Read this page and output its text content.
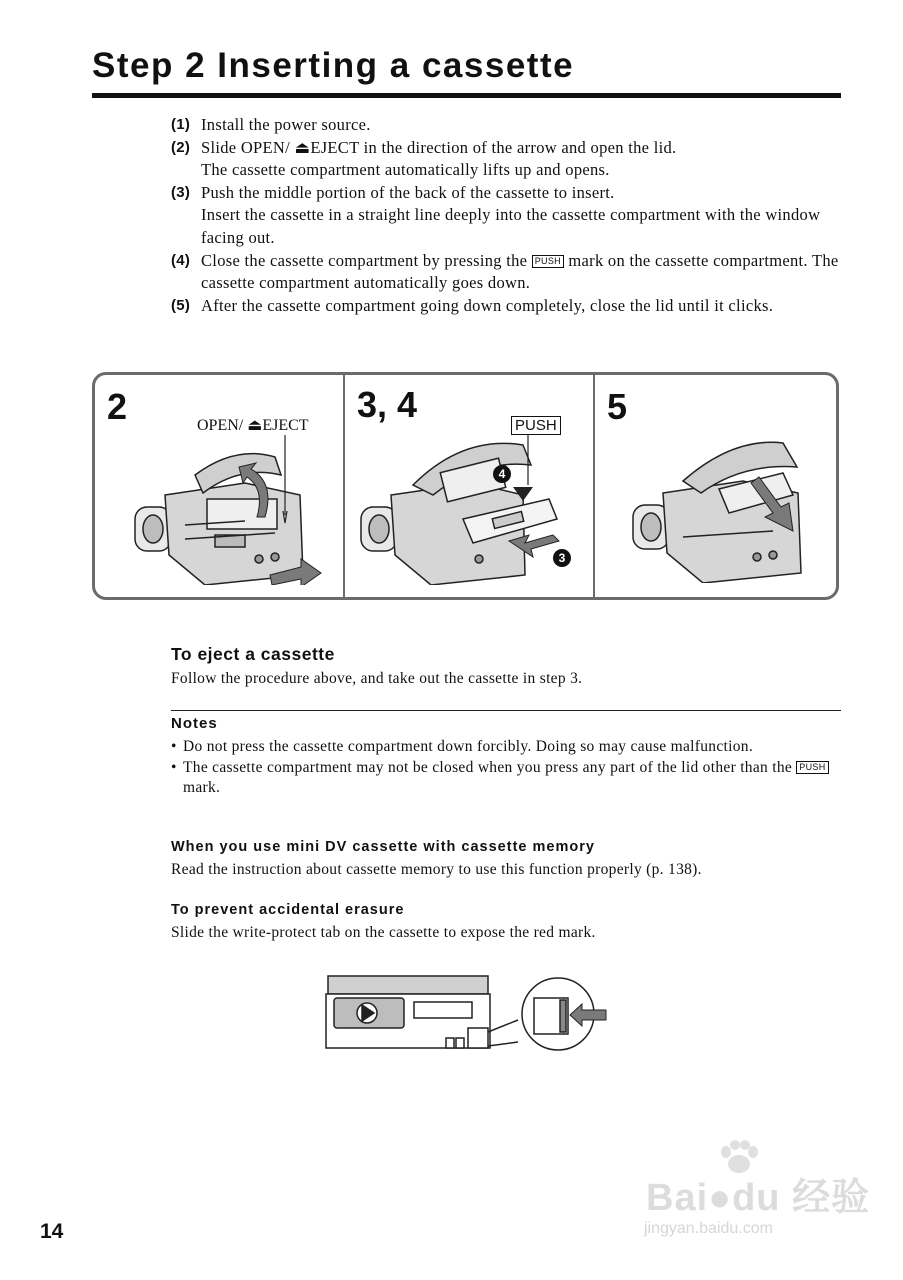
Step 2 Inserting a cassette
(1) Install the power source.
(2) Slide OPEN/ ⏏EJECT in the direction of the arrow and open the lid.
The cassette compartment automatically lifts up and opens.
(3) Push the middle portion of the back of the cassette to insert.
Insert the cassette in a straight line deeply into the cassette compartment with the window facing out.
(4) Close the cassette compartment by pressing the PUSH mark on the cassette compartment. The cassette compartment automatically goes down.
(5) After the cassette compartment going down completely, close the lid until it clicks.
2	OPEN/ ⏏EJECT
3, 4
PUSH
4
3
5
To eject a cassette
Follow the procedure above, and take out the cassette in step 3.
Notes
• Do not press the cassette compartment down forcibly. Doing so may cause malfunction.
• The cassette compartment may not be closed when you press any part of the lid other than the PUSH mark.
When you use mini DV cassette with cassette memory
Read the instruction about cassette memory to use this function properly (p. 138).
To prevent accidental erasure
Slide the write-protect tab on the cassette to expose the red mark.
14
Bai●du 经验
jingyan.baidu.com
